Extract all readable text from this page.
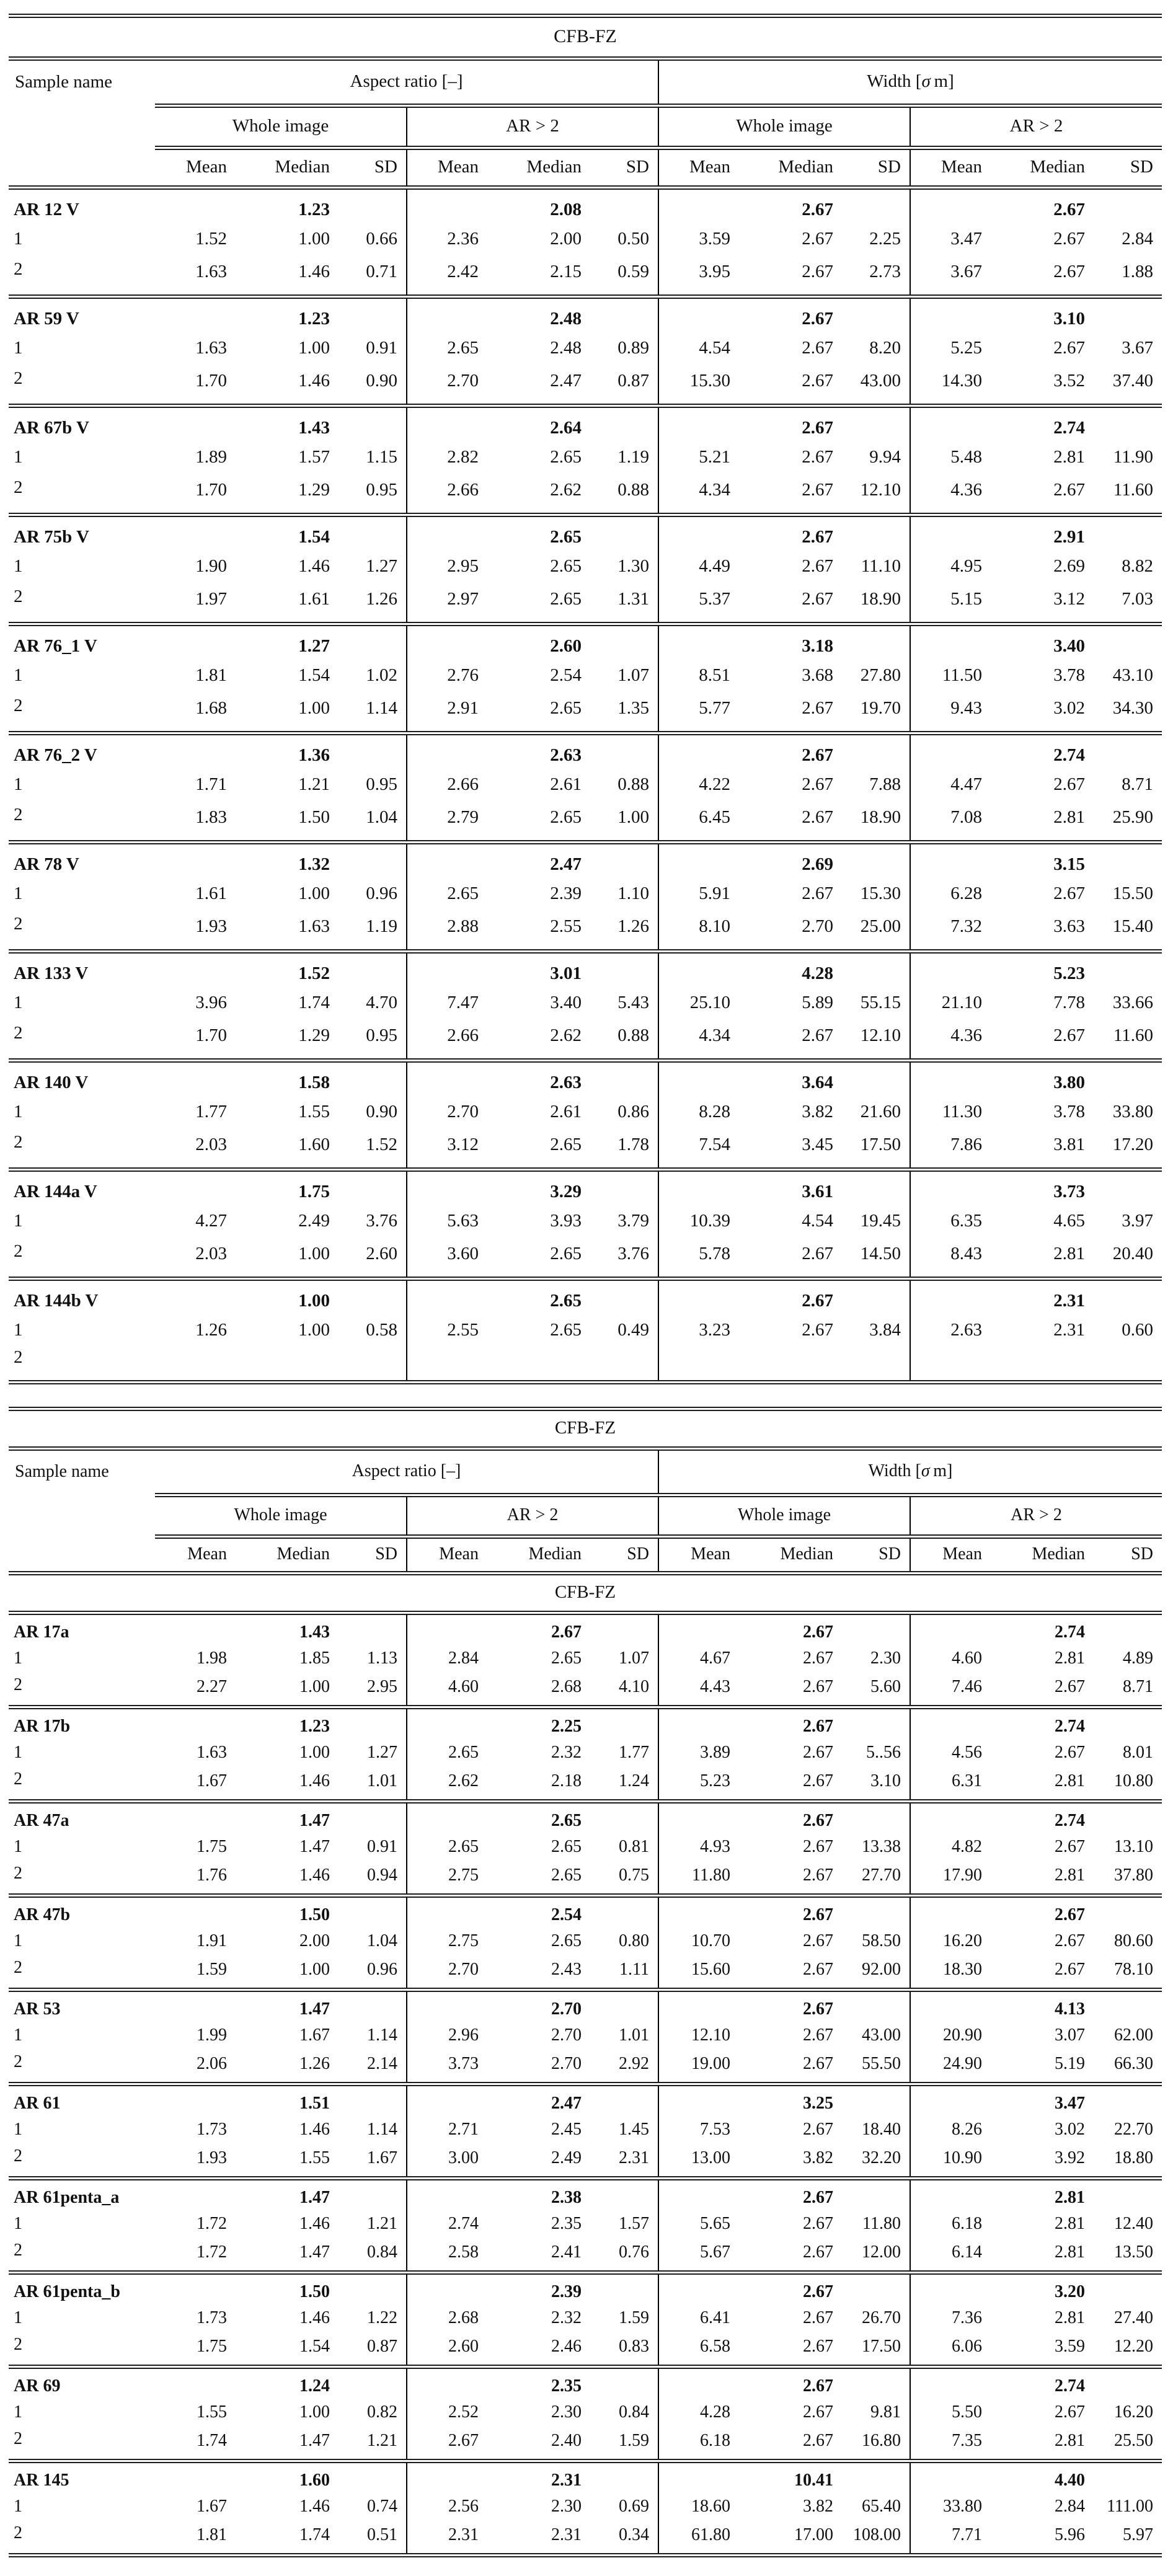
CFB-FZ												

Sample name	Aspect ratio [–]						Width [σ m]					

	Whole image			AR > 2			Whole image			AR > 2		

	Mean	Median	SD	Mean	Median	SD	Mean	Median	SD	Mean	Median	SD

AR 12 V		1.23			2.08			2.67			2.67	
1	1.52	1.00	0.66	2.36	2.00	0.50	3.59	2.67	2.25	3.47	2.67	2.84
2	1.63	1.46	0.71	2.42	2.15	0.59	3.95	2.67	2.73	3.67	2.67	1.88

AR 59 V		1.23			2.48			2.67			3.10	
1	1.63	1.00	0.91	2.65	2.48	0.89	4.54	2.67	8.20	5.25	2.67	3.67
2	1.70	1.46	0.90	2.70	2.47	0.87	15.30	2.67	43.00	14.30	3.52	37.40

AR 67b V		1.43			2.64			2.67			2.74	
1	1.89	1.57	1.15	2.82	2.65	1.19	5.21	2.67	9.94	5.48	2.81	11.90
2	1.70	1.29	0.95	2.66	2.62	0.88	4.34	2.67	12.10	4.36	2.67	11.60

AR 75b V		1.54			2.65			2.67			2.91	
1	1.90	1.46	1.27	2.95	2.65	1.30	4.49	2.67	11.10	4.95	2.69	8.82
2	1.97	1.61	1.26	2.97	2.65	1.31	5.37	2.67	18.90	5.15	3.12	7.03

AR 76_1 V		1.27			2.60			3.18			3.40	
1	1.81	1.54	1.02	2.76	2.54	1.07	8.51	3.68	27.80	11.50	3.78	43.10
2	1.68	1.00	1.14	2.91	2.65	1.35	5.77	2.67	19.70	9.43	3.02	34.30

AR 76_2 V		1.36			2.63			2.67			2.74	
1	1.71	1.21	0.95	2.66	2.61	0.88	4.22	2.67	7.88	4.47	2.67	8.71
2	1.83	1.50	1.04	2.79	2.65	1.00	6.45	2.67	18.90	7.08	2.81	25.90

AR 78 V		1.32			2.47			2.69			3.15	
1	1.61	1.00	0.96	2.65	2.39	1.10	5.91	2.67	15.30	6.28	2.67	15.50
2	1.93	1.63	1.19	2.88	2.55	1.26	8.10	2.70	25.00	7.32	3.63	15.40

AR 133 V		1.52			3.01			4.28			5.23	
1	3.96	1.74	4.70	7.47	3.40	5.43	25.10	5.89	55.15	21.10	7.78	33.66
2	1.70	1.29	0.95	2.66	2.62	0.88	4.34	2.67	12.10	4.36	2.67	11.60

AR 140 V		1.58			2.63			3.64			3.80	
1	1.77	1.55	0.90	2.70	2.61	0.86	8.28	3.82	21.60	11.30	3.78	33.80
2	2.03	1.60	1.52	3.12	2.65	1.78	7.54	3.45	17.50	7.86	3.81	17.20

AR 144a V		1.75			3.29			3.61			3.73	
1	4.27	2.49	3.76	5.63	3.93	3.79	10.39	4.54	19.45	6.35	4.65	3.97
2	2.03	1.00	2.60	3.60	2.65	3.76	5.78	2.67	14.50	8.43	2.81	20.40

AR 144b V		1.00			2.65			2.67			2.31	
1	1.26	1.00	0.58	2.55	2.65	0.49	3.23	2.67	3.84	2.63	2.31	0.60
2												

CFB-FZ												

Sample name	Aspect ratio [–]						Width [σ m]					

	Whole image			AR > 2			Whole image			AR > 2		

	Mean	Median	SD	Mean	Median	SD	Mean	Median	SD	Mean	Median	SD

CFB-FZ												

AR 17a		1.43			2.67			2.67			2.74	
1	1.98	1.85	1.13	2.84	2.65	1.07	4.67	2.67	2.30	4.60	2.81	4.89
2	2.27	1.00	2.95	4.60	2.68	4.10	4.43	2.67	5.60	7.46	2.67	8.71

AR 17b		1.23			2.25			2.67			2.74	
1	1.63	1.00	1.27	2.65	2.32	1.77	3.89	2.67	5..56	4.56	2.67	8.01
2	1.67	1.46	1.01	2.62	2.18	1.24	5.23	2.67	3.10	6.31	2.81	10.80

AR 47a		1.47			2.65			2.67			2.74	
1	1.75	1.47	0.91	2.65	2.65	0.81	4.93	2.67	13.38	4.82	2.67	13.10
2	1.76	1.46	0.94	2.75	2.65	0.75	11.80	2.67	27.70	17.90	2.81	37.80

AR 47b		1.50			2.54			2.67			2.67	
1	1.91	2.00	1.04	2.75	2.65	0.80	10.70	2.67	58.50	16.20	2.67	80.60
2	1.59	1.00	0.96	2.70	2.43	1.11	15.60	2.67	92.00	18.30	2.67	78.10

AR 53		1.47			2.70			2.67			4.13	
1	1.99	1.67	1.14	2.96	2.70	1.01	12.10	2.67	43.00	20.90	3.07	62.00
2	2.06	1.26	2.14	3.73	2.70	2.92	19.00	2.67	55.50	24.90	5.19	66.30

AR 61		1.51			2.47			3.25			3.47	
1	1.73	1.46	1.14	2.71	2.45	1.45	7.53	2.67	18.40	8.26	3.02	22.70
2	1.93	1.55	1.67	3.00	2.49	2.31	13.00	3.82	32.20	10.90	3.92	18.80

AR 61penta_a		1.47			2.38			2.67			2.81	
1	1.72	1.46	1.21	2.74	2.35	1.57	5.65	2.67	11.80	6.18	2.81	12.40
2	1.72	1.47	0.84	2.58	2.41	0.76	5.67	2.67	12.00	6.14	2.81	13.50

AR 61penta_b		1.50			2.39			2.67			3.20	
1	1.73	1.46	1.22	2.68	2.32	1.59	6.41	2.67	26.70	7.36	2.81	27.40
2	1.75	1.54	0.87	2.60	2.46	0.83	6.58	2.67	17.50	6.06	3.59	12.20

AR 69		1.24			2.35			2.67			2.74	
1	1.55	1.00	0.82	2.52	2.30	0.84	4.28	2.67	9.81	5.50	2.67	16.20
2	1.74	1.47	1.21	2.67	2.40	1.59	6.18	2.67	16.80	7.35	2.81	25.50

AR 145		1.60			2.31			10.41			4.40	
1	1.67	1.46	0.74	2.56	2.30	0.69	18.60	3.82	65.40	33.80	2.84	111.00
2	1.81	1.74	0.51	2.31	2.31	0.34	61.80	17.00	108.00	7.71	5.96	5.97
